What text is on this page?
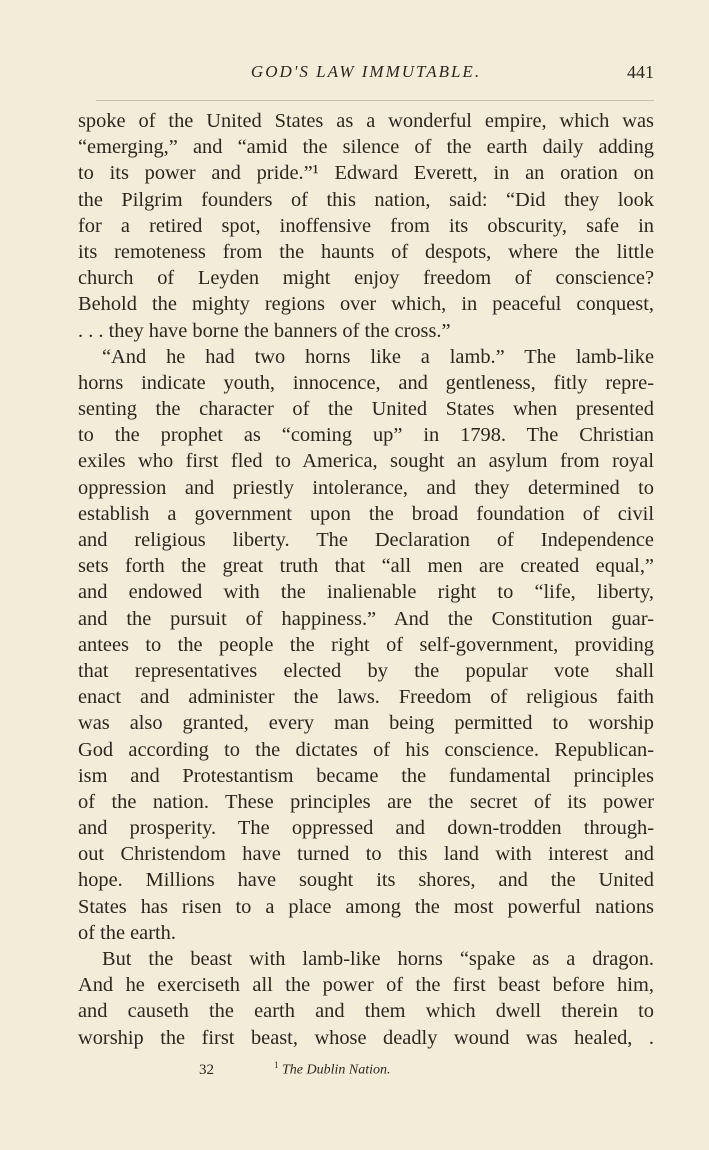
GOD'S LAW IMMUTABLE.	441
spoke of the United States as a wonderful empire, which was
“emerging,” and “amid the silence of the earth daily adding
to its power and pride.”¹ Edward Everett, in an oration on
the Pilgrim founders of this nation, said: “Did they look
for a retired spot, inoffensive from its obscurity, safe in
its remoteness from the haunts of despots, where the little
church of Leyden might enjoy freedom of conscience?
Behold the mighty regions over which, in peaceful conquest,
. . . they have borne the banners of the cross.”
“And he had two horns like a lamb.” The lamb-like
horns indicate youth, innocence, and gentleness, fitly repre-
senting the character of the United States when presented
to the prophet as “coming up” in 1798. The Christian
exiles who first fled to America, sought an asylum from royal
oppression and priestly intolerance, and they determined to
establish a government upon the broad foundation of civil
and religious liberty. The Declaration of Independence
sets forth the great truth that “all men are created equal,”
and endowed with the inalienable right to “life, liberty,
and the pursuit of happiness.” And the Constitution guar-
antees to the people the right of self-government, providing
that representatives elected by the popular vote shall
enact and administer the laws. Freedom of religious faith
was also granted, every man being permitted to worship
God according to the dictates of his conscience. Republican-
ism and Protestantism became the fundamental principles
of the nation. These principles are the secret of its power
and prosperity. The oppressed and down-trodden through-
out Christendom have turned to this land with interest and
hope. Millions have sought its shores, and the United
States has risen to a place among the most powerful nations
of the earth.
But the beast with lamb-like horns “spake as a dragon.
And he exerciseth all the power of the first beast before him,
and causeth the earth and them which dwell therein to
worship the first beast, whose deadly wound was healed, .
32	$^1$ The Dublin Nation.
